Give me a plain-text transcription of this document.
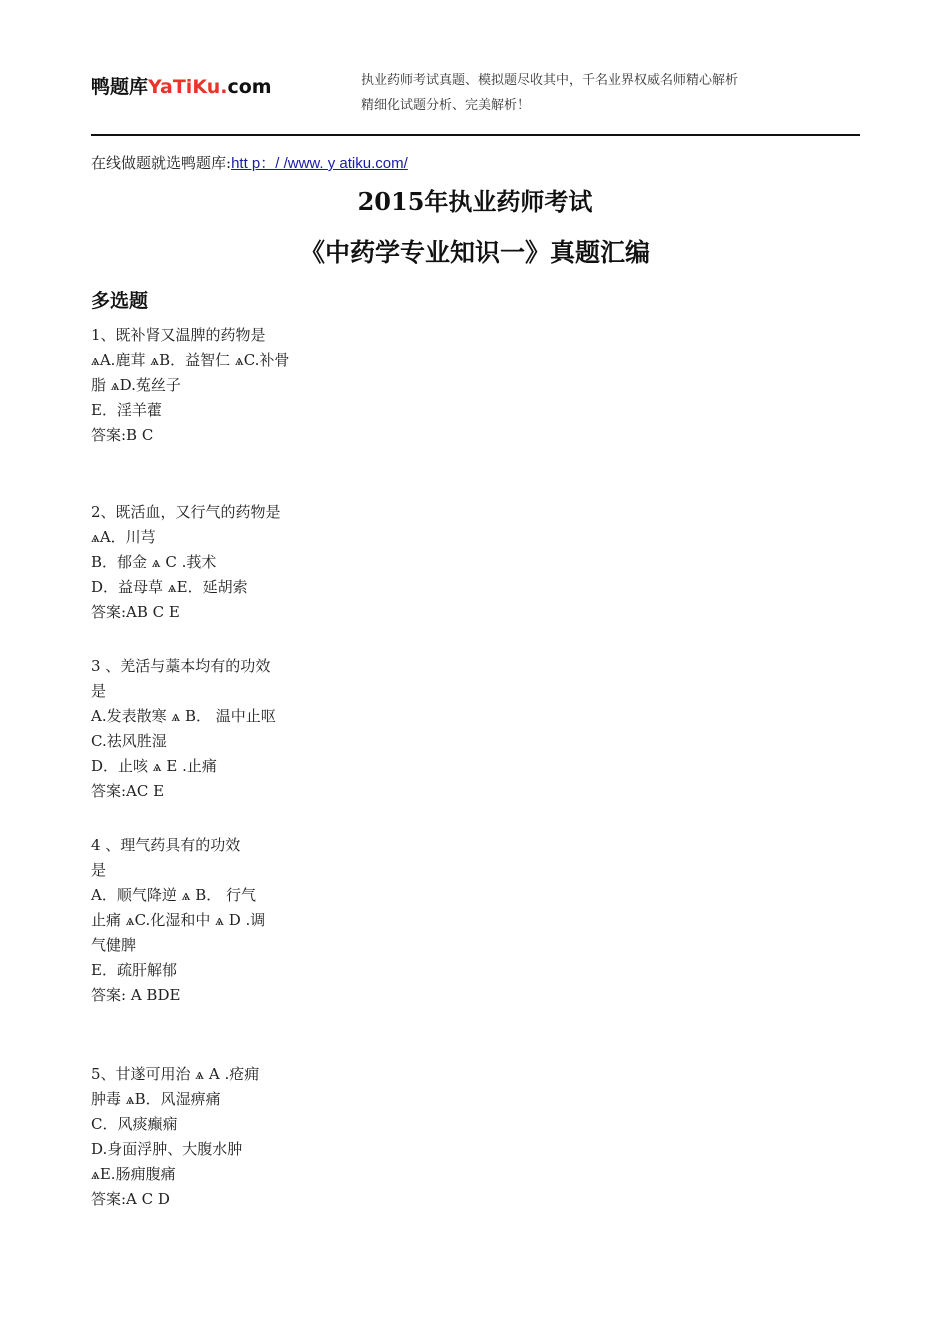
鸭题库YaTiKu.com	执业药师考试真题、模拟题尽收其中，千名业界权威名师精心解析
精细化试题分析、完美解析！
在线做题就选鸭题库:htt p：/ /www. y atiku.com/
2015年执业药师考试
《中药学专业知识一》真题汇编
多选题
1、既补肾又温脾的药物是
ѧA.鹿茸 ѧB．益智仁 ѧC.补骨
脂 ѧD.菟丝子
E．淫羊藿
答案:B C
2、既活血，又行气的药物是
ѧA．川芎
B．郁金 ѧ C .莪术
D．益母草 ѧE．延胡索
答案:AB C E
3 、羌活与藁本均有的功效
是
A.发表散寒 ѧ B． 温中止呕
C.祛风胜湿
D．止咳 ѧ E .止痛
答案:AC E
4 、理气药具有的功效
是
A．顺气降逆 ѧ B． 行气
止痛 ѧC.化湿和中 ѧ D .调
气健脾
E．疏肝解郁
答案: A BDE
5、甘遂可用治 ѧ A .疮痈
肿毒 ѧB．风湿痹痛
C．风痰癫痫
D.身面浮肿、大腹水肿
ѧE.肠痈腹痛
答案:A C D
